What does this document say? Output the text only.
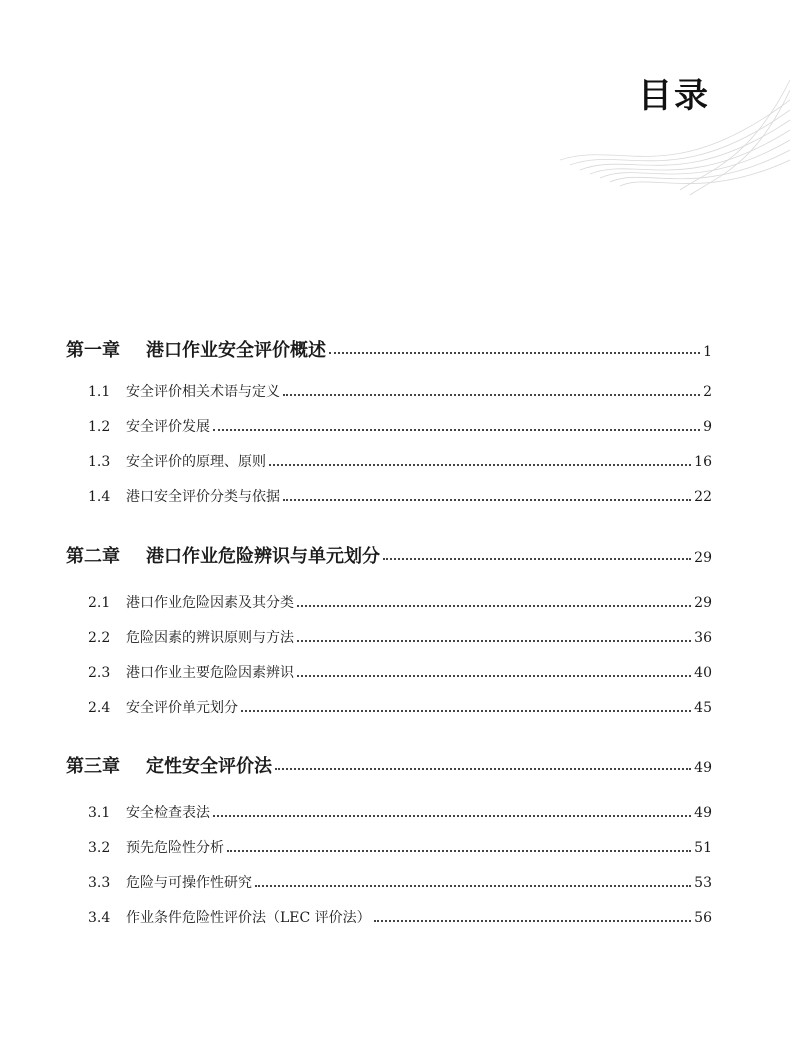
目录
第一章	港口作业安全评价概述	1
1.1	安全评价相关术语与定义	2
1.2	安全评价发展	9
1.3	安全评价的原理、原则	16
1.4	港口安全评价分类与依据	22
第二章	港口作业危险辨识与单元划分	29
2.1	港口作业危险因素及其分类	29
2.2	危险因素的辨识原则与方法	36
2.3	港口作业主要危险因素辨识	40
2.4	安全评价单元划分	45
第三章	定性安全评价法	49
3.1	安全检查表法	49
3.2	预先危险性分析	51
3.3	危险与可操作性研究	53
3.4	作业条件危险性评价法（LEC 评价法）	56
